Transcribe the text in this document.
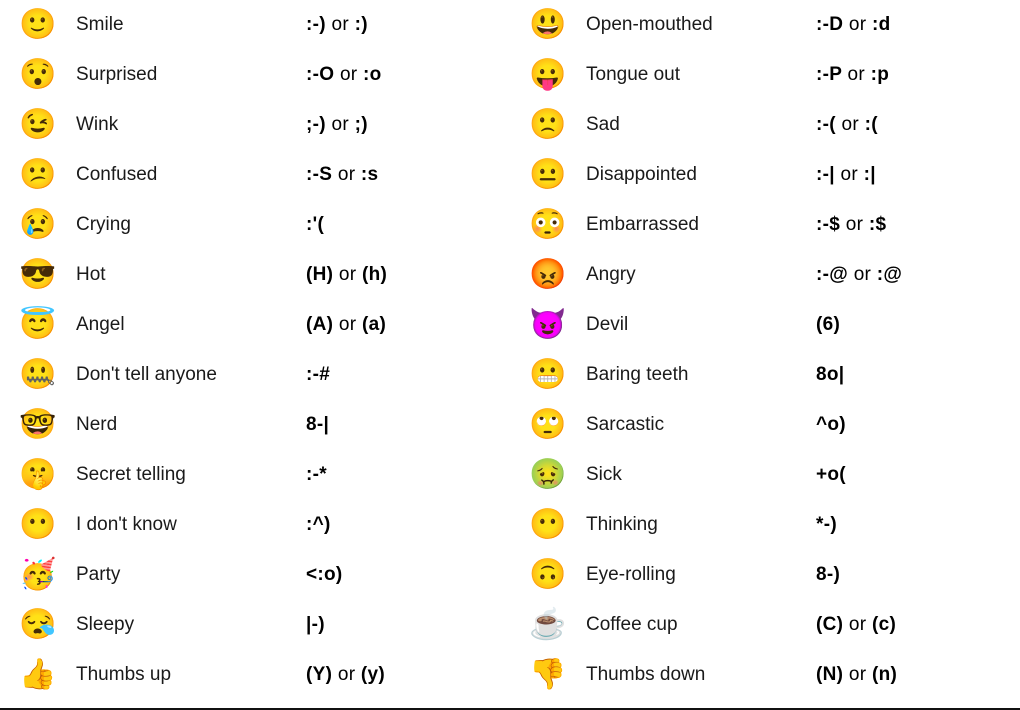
🙂	Smile	:-) or :)
😯	Surprised	:-O or :o
😉	Wink	;-) or ;)
😕	Confused	:-S or :s
😢	Crying	:'(
😎	Hot	(H) or (h)
😇	Angel	(A) or (a)
🤐	Don't tell anyone	:-#
🤓	Nerd	8-|
🤫	Secret telling	:-*
😶	I don't know	:^)
🥳	Party	<:o)
😪	Sleepy	|-)
👍	Thumbs up	(Y) or (y)
😃	Open-mouthed	:-D or :d
😛	Tongue out	:-P or :p
🙁	Sad	:-( or :(
😐	Disappointed	:-| or :|
😳	Embarrassed	:-$ or :$
😡	Angry	:-@ or :@
😈	Devil	(6)
😬	Baring teeth	8o|
🙄	Sarcastic	^o)
🤢	Sick	+o(
😶	Thinking	*-)
🙃	Eye-rolling	8-)
☕	Coffee cup	(C) or (c)
👎	Thumbs down	(N) or (n)
